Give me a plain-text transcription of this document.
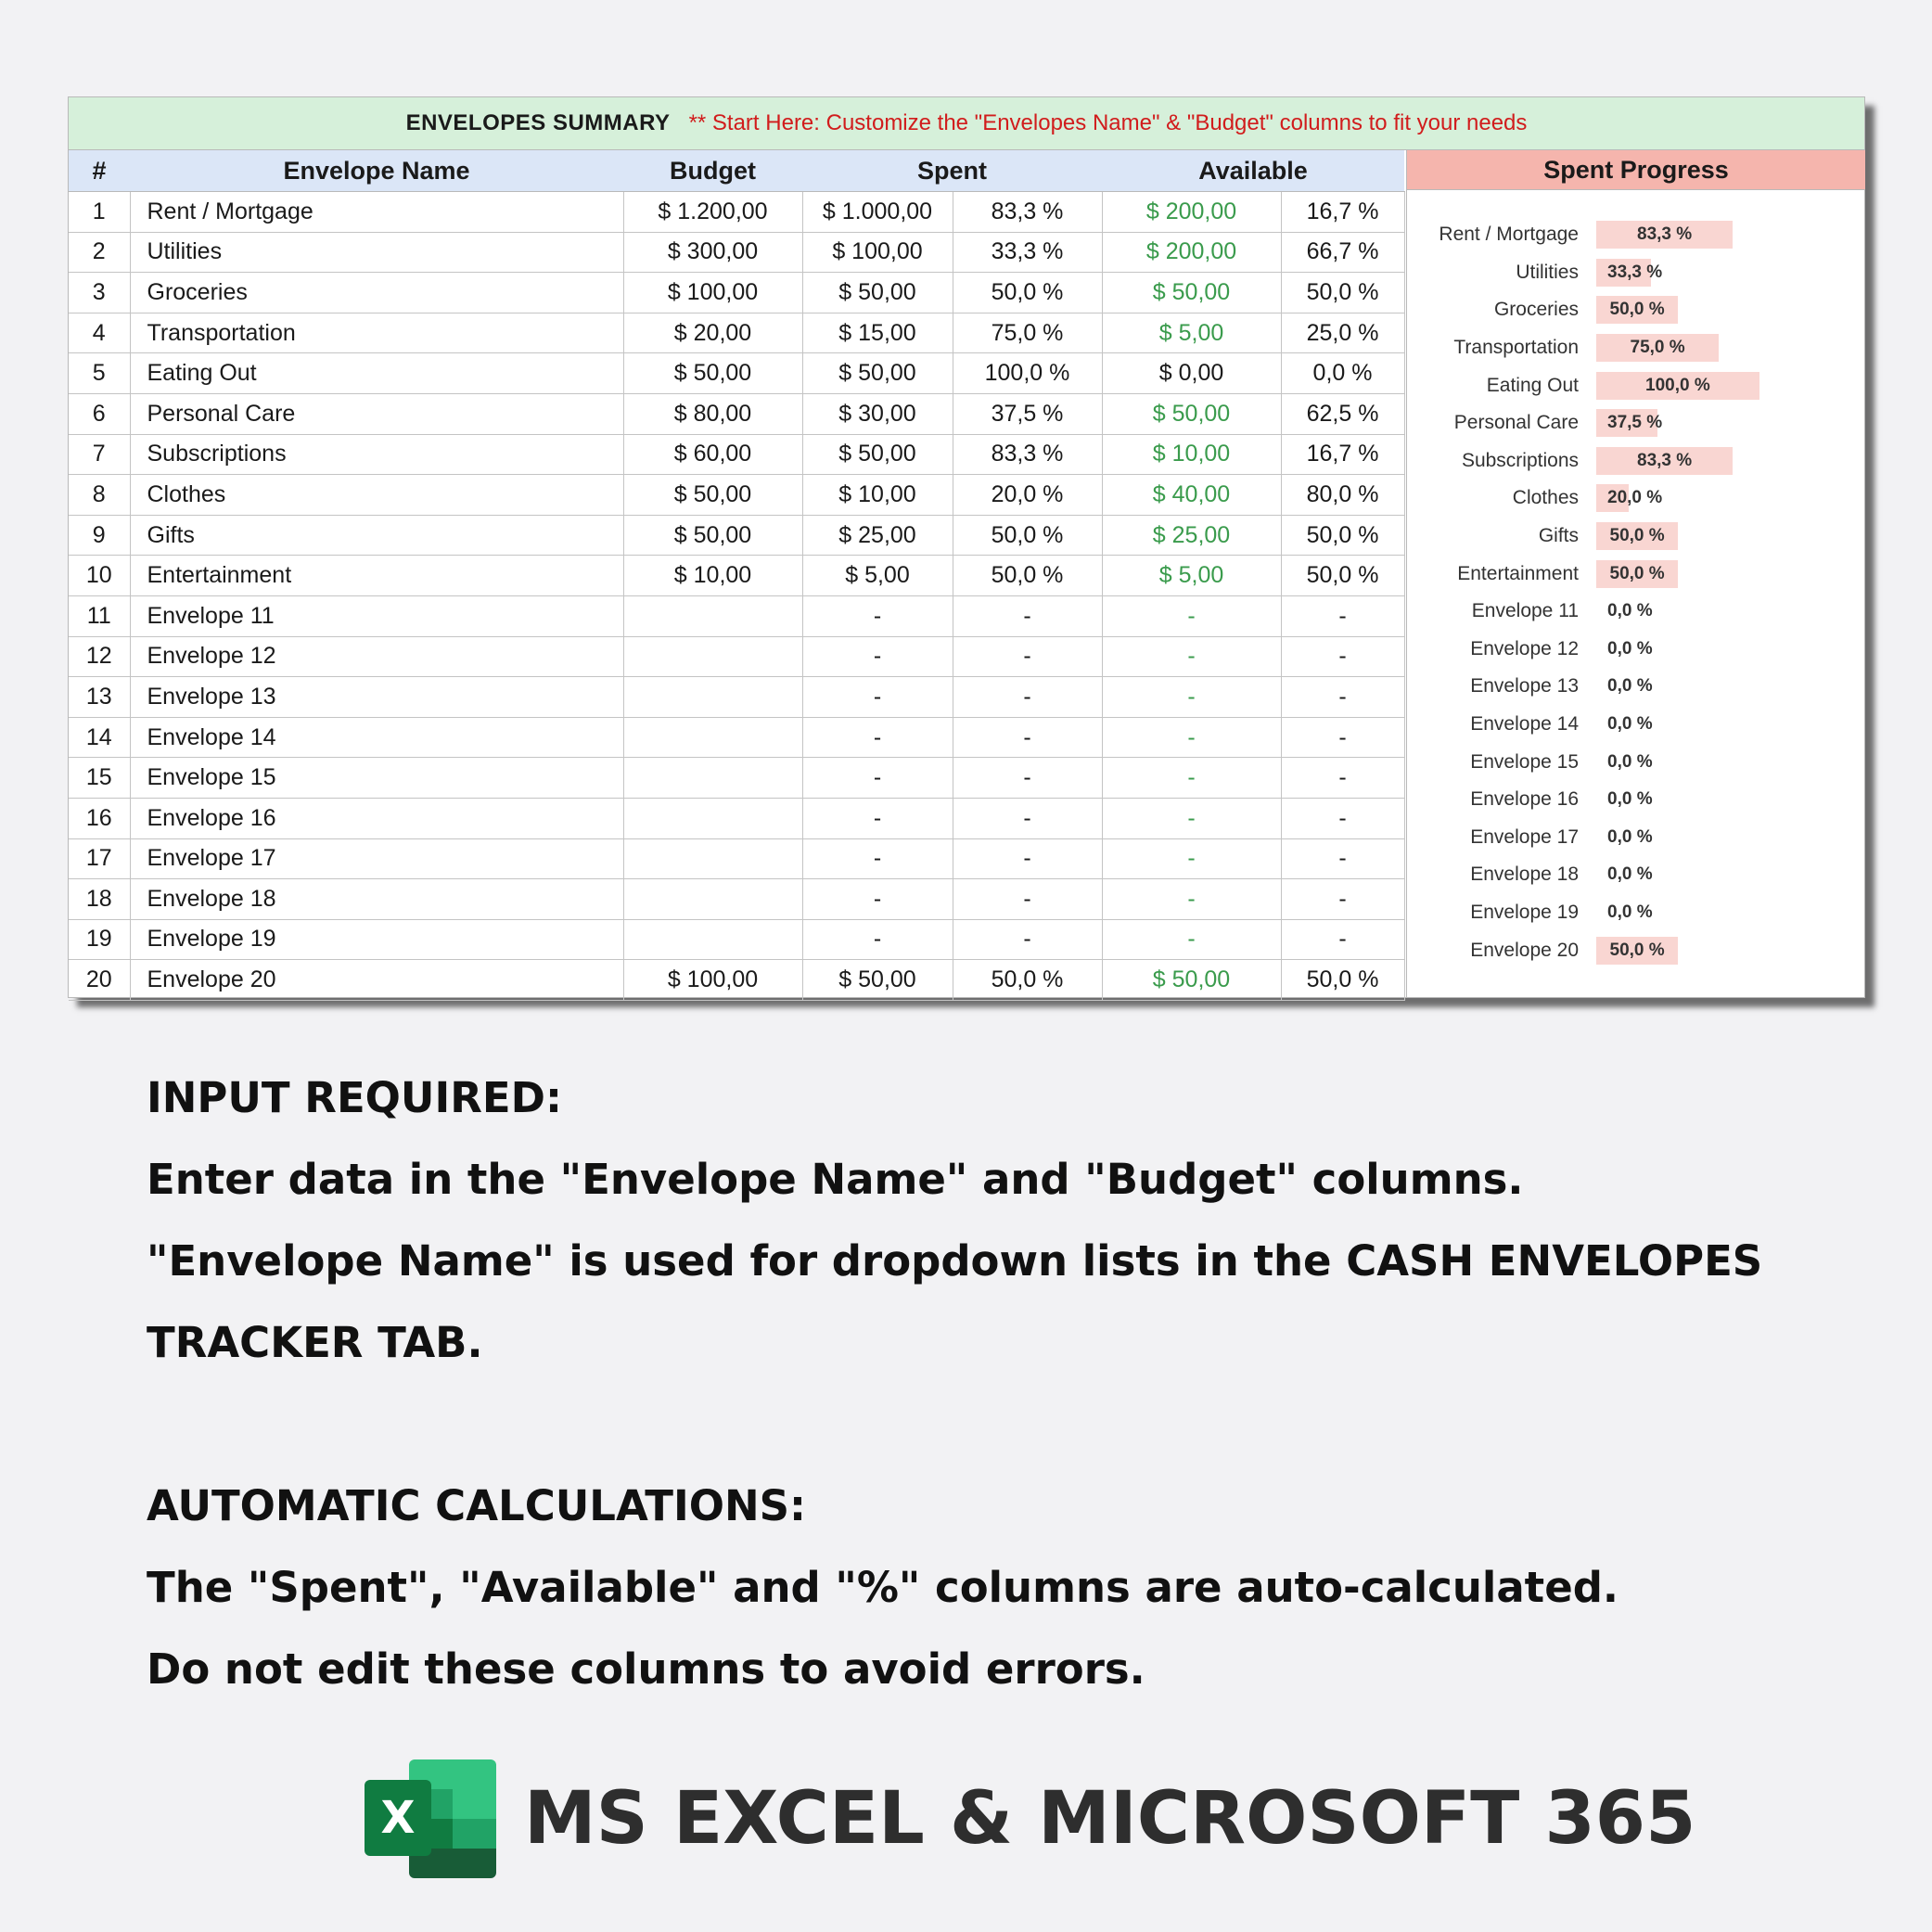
ENVELOPES SUMMARY ** Start Here: Customize the "Envelopes Name" & "Budget" columns to fit your needs
#	Envelope Name	Budget	Spent		Available	
1	Rent / Mortgage	$ 1.200,00	$ 1.000,00	83,3 %	$ 200,00	16,7 %
2	Utilities	$ 300,00	$ 100,00	33,3 %	$ 200,00	66,7 %
3	Groceries	$ 100,00	$ 50,00	50,0 %	$ 50,00	50,0 %
4	Transportation	$ 20,00	$ 15,00	75,0 %	$ 5,00	25,0 %
5	Eating Out	$ 50,00	$ 50,00	100,0 %	$ 0,00	0,0 %
6	Personal Care	$ 80,00	$ 30,00	37,5 %	$ 50,00	62,5 %
7	Subscriptions	$ 60,00	$ 50,00	83,3 %	$ 10,00	16,7 %
8	Clothes	$ 50,00	$ 10,00	20,0 %	$ 40,00	80,0 %
9	Gifts	$ 50,00	$ 25,00	50,0 %	$ 25,00	50,0 %
10	Entertainment	$ 10,00	$ 5,00	50,0 %	$ 5,00	50,0 %
11	Envelope 11		-	-	-	-
12	Envelope 12		-	-	-	-
13	Envelope 13		-	-	-	-
14	Envelope 14		-	-	-	-
15	Envelope 15		-	-	-	-
16	Envelope 16		-	-	-	-
17	Envelope 17		-	-	-	-
18	Envelope 18		-	-	-	-
19	Envelope 19		-	-	-	-
20	Envelope 20	$ 100,00	$ 50,00	50,0 %	$ 50,00	50,0 %
Spent Progress
Rent / Mortgage	83,3 %
Utilities 33,3 %
Groceries 50,0 %
Transportation	75,0 %
Eating Out	100,0 %
Personal Care 37,5 %
Subscriptions	83,3 %
Clothes 20,0 %
Gifts 50,0 %
Entertainment 50,0 %
Envelope 11 0,0 %
Envelope 12 0,0 %
Envelope 13 0,0 %
Envelope 14 0,0 %
Envelope 15 0,0 %
Envelope 16 0,0 %
Envelope 17 0,0 %
Envelope 18 0,0 %
Envelope 19 0,0 %
Envelope 20 50,0 %

INPUT REQUIRED:

Enter data in the "Envelope Name" and "Budget" columns.

"Envelope Name" is used for dropdown lists in the CASH ENVELOPES

TRACKER TAB.

AUTOMATIC CALCULATIONS:

The "Spent", "Available" and "%" columns are auto-calculated.

Do not edit these columns to avoid errors.

X MS EXCEL & MICROSOFT 365
